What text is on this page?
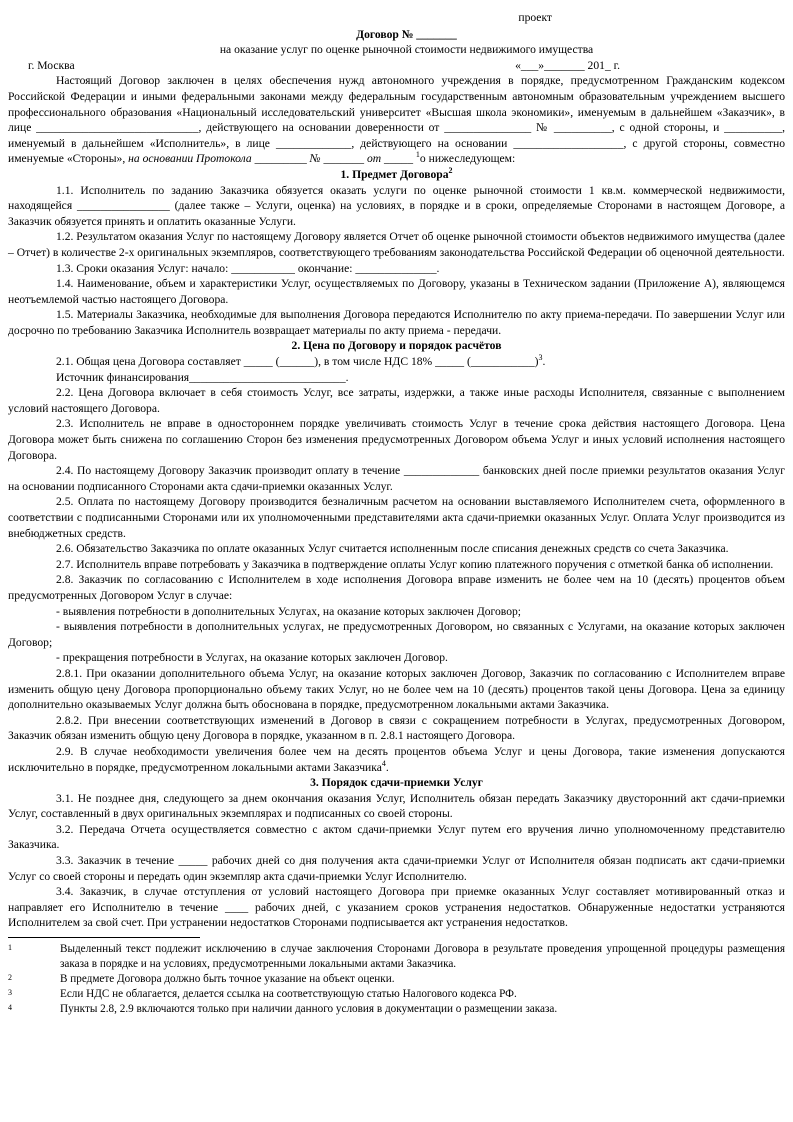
проект
Договор № _______
на оказание услуг по оценке рыночной стоимости недвижимого имущества
г. Москва	«___»_______ 201_ г.

Настоящий Договор заключен в целях обеспечения нужд автономного учреждения в порядке, предусмотренном Гражданским кодексом Российской Федерации и иными федеральными законами между федеральным государственным автономным образовательным учреждением высшего профессионального образования «Национальный исследовательский университет «Высшая школа экономики», именуемым в дальнейшем «Заказчик», в лице ____________________________, действующего на основании доверенности от _______________ № __________, с одной стороны, и __________, именуемый в дальнейшем «Исполнитель», в лице _____________, действующего на основании ___________________, с другой стороны, совместно именуемые «Стороны», на основании Протокола _________ № _______ от _____ $^1$о нижеследующем:

1. Предмет Договора$^2$

1.1. Исполнитель по заданию Заказчика обязуется оказать услуги по оценке рыночной стоимости 1 кв.м. коммерческой недвижимости, находящейся ________________ (далее также – Услуги, оценка) на условиях, в порядке и в сроки, определяемые Сторонами в настоящем Договоре, а Заказчик обязуется принять и оплатить оказанные Услуги.

1.2. Результатом оказания Услуг по настоящему Договору является Отчет об оценке рыночной стоимости объектов недвижимого имущества (далее – Отчет) в количестве 2-х оригинальных экземпляров, соответствующего требованиям законодательства Российской Федерации об оценочной деятельности.

1.3. Сроки оказания Услуг: начало: ___________ окончание: ______________.

1.4. Наименование, объем и характеристики Услуг, осуществляемых по Договору, указаны в Техническом задании (Приложение А), являющемся неотъемлемой частью настоящего Договора.

1.5. Материалы Заказчика, необходимые для выполнения Договора передаются Исполнителю по акту приема-передачи. По завершении Услуг или досрочно по требованию Заказчика Исполнитель возвращает материалы по акту приема - передачи.

2. Цена по Договору и порядок расчётов

2.1. Общая цена Договора составляет _____ (______), в том числе НДС 18% _____ (___________)$^3$.

Источник финансирования___________________________.

2.2. Цена Договора включает в себя стоимость Услуг, все затраты, издержки, а также иные расходы Исполнителя, связанные с выполнением условий настоящего Договора.

2.3. Исполнитель не вправе в одностороннем порядке увеличивать стоимость Услуг в течение срока действия настоящего Договора. Цена Договора может быть снижена по соглашению Сторон без изменения предусмотренных Договором объема Услуг и иных условий исполнения настоящего Договора.

2.4. По настоящему Договору Заказчик производит оплату в течение _____________ банковских дней после приемки результатов оказания Услуг на основании подписанного Сторонами акта сдачи-приемки оказанных Услуг.

2.5. Оплата по настоящему Договору производится безналичным расчетом на основании выставляемого Исполнителем счета, оформленного в соответствии с подписанными Сторонами или их уполномоченными представителями акта сдачи-приемки оказанных Услуг. Оплата Услуг производится из внебюджетных средств.

2.6. Обязательство Заказчика по оплате оказанных Услуг считается исполненным после списания денежных средств со счета Заказчика.

2.7. Исполнитель вправе потребовать у Заказчика в подтверждение оплаты Услуг копию платежного поручения с отметкой банка об исполнении.

2.8. Заказчик по согласованию с Исполнителем в ходе исполнения Договора вправе изменить не более чем на 10 (десять) процентов объем предусмотренных Договором Услуг в случае:

- выявления потребности в дополнительных Услугах, на оказание которых заключен Договор;

- выявления потребности в дополнительных услугах, не предусмотренных Договором, но связанных с Услугами, на оказание которых заключен Договор;

- прекращения потребности в Услугах, на оказание которых заключен Договор.

2.8.1. При оказании дополнительного объема Услуг, на оказание которых заключен Договор, Заказчик по согласованию с Исполнителем вправе изменить общую цену Договора пропорционально объему таких Услуг, но не более чем на 10 (десять) процентов такой цены Договора. Цена за единицу дополнительно оказываемых Услуг должна быть обоснована в порядке, предусмотренном локальными актами Заказчика.

2.8.2. При внесении соответствующих изменений в Договор в связи с сокращением потребности в Услугах, предусмотренных Договором, Заказчик обязан изменить общую цену Договора в порядке, указанном в п. 2.8.1 настоящего Договора.

2.9. В случае необходимости увеличения более чем на десять процентов объема Услуг и цены Договора, такие изменения допускаются исключительно в порядке, предусмотренном локальными актами Заказчика$^4$.

3. Порядок сдачи-приемки Услуг

3.1. Не позднее дня, следующего за днем окончания оказания Услуг, Исполнитель обязан передать Заказчику двусторонний акт сдачи-приемки Услуг, составленный в двух оригинальных экземплярах и подписанных со своей стороны.

3.2. Передача Отчета осуществляется совместно с актом сдачи-приемки Услуг путем его вручения лично уполномоченному представителю Заказчика.

3.3. Заказчик в течение _____ рабочих дней со дня получения акта сдачи-приемки Услуг от Исполнителя обязан подписать акт сдачи-приемки Услуг со своей стороны и передать один экземпляр акта сдачи-приемки Услуг Исполнителю.

3.4. Заказчик, в случае отступления от условий настоящего Договора при приемке оказанных Услуг составляет мотивированный отказ и направляет его Исполнителю в течение ____ рабочих дней, с указанием сроков устранения недостатков. Обнаруженные недостатки устраняются Исполнителем за свой счет. При устранении недостатков Сторонами подписывается акт устранения недостатков.

1	Выделенный текст подлежит исключению в случае заключения Сторонами Договора в результате проведения упрощенной процедуры размещения заказа в порядке и на условиях, предусмотренными локальными актами Заказчика.
2	В предмете Договора должно быть точное указание на объект оценки.
3	Если НДС не облагается, делается ссылка на соответствующую статью Налогового кодекса РФ.
4	Пункты 2.8, 2.9 включаются только при наличии данного условия в документации о размещении заказа.
